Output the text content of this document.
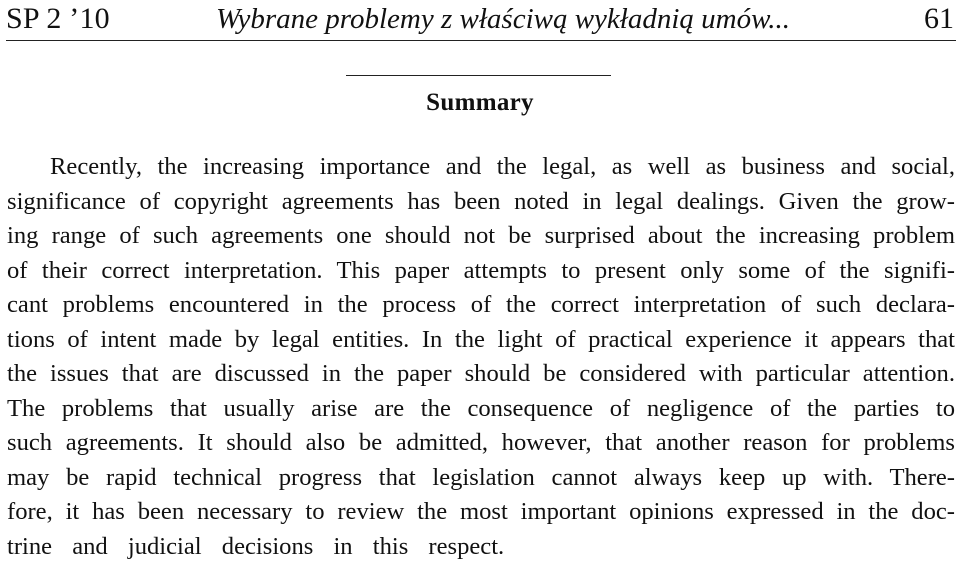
SP 2 ’10	Wybrane problemy z właściwą wykładnią umów...	61
Summary
Recently, the increasing importance and the legal, as well as business and social,
significance of copyright agreements has been noted in legal dealings. Given the grow-
ing range of such agreements one should not be surprised about the increasing problem
of their correct interpretation. This paper attempts to present only some of the signifi-
cant problems encountered in the process of the correct interpretation of such declara-
tions of intent made by legal entities. In the light of practical experience it appears that
the issues that are discussed in the paper should be considered with particular attention.
The problems that usually arise are the consequence of negligence of the parties to
such agreements. It should also be admitted, however, that another reason for problems
may be rapid technical progress that legislation cannot always keep up with. There-
fore, it has been necessary to review the most important opinions expressed in the doc-
trine and judicial decisions in this respect.
